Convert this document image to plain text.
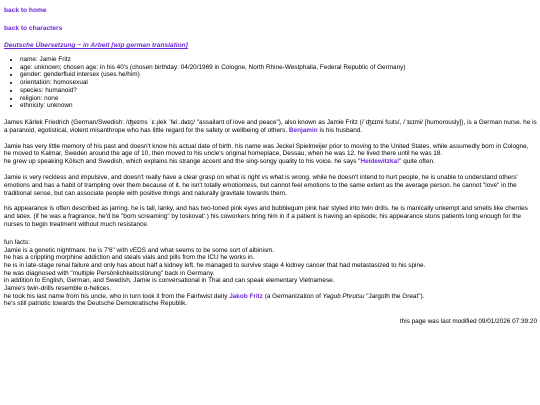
back to home
back to characters
Deutsche Übersetzung ~ in Arbeit [wip german translation]
• name: Jamie Fritz
• age: unknown; chosen age: in his 40's (chosen birthday: 04/20/1969 in Cologne, North Rhine-Westphalia, Federal Republic of Germany)
• gender: genderfluid intersex (uses he/him)
• orientation: homosexual
• species: humanoid?
• religion: none
• ethnicity: unknown

James Kärlek Friedrich (German/Swedish: /ʤeɪms ˈɛːɹ̥lek ˈfʁiː.dʁɪç/ "assailant of love and peace"), also known as Jamie Fritz (/ˈʤɛɪmi fʊɹts/, /ˈɪɛɪmi/ [humorously]), is a German nurse. he is a paranoid, egotistical, violent misanthrope who has little regard for the safety or wellbeing of others. Benjamin is his husband.

Jamie has very little memory of his past and doesn't know his actual date of birth. his name was Jeckel Spielmeijer prior to moving to the United States. while assumedly born in Cologne, he moved to Kalmar, Sweden around the age of 10, then moved to his uncle's original homeplace, Dessau, when he was 12. he lived there until he was 18.
he grew up speaking Kölsch and Swedish, which explains his strange accent and the sing-songy quality to his voice. he says "Heidewitzka!" quite often.

Jamie is very reckless and impulsive, and doesn't really have a clear grasp on what is right vs what is wrong. while he doesn't intend to hurt people, he is unable to understand others' emotions and has a habit of trampling over them because of it. he isn't totally emotionless, but cannot feel emotions to the same extent as the average person. he cannot "love" in the traditional sense, but can associate people with positive things and naturally gravitate towards them.

his appearance is often described as jarring. he is tall, lanky, and has two-toned pink eyes and bubblegum pink hair styled into twin drills. he is manically unkempt and smells like cherries and latex. (if he was a fragrance, he'd be "born screaming" by toskovat'.) his coworkers bring him in if a patient is having an episode; his appearance stuns patients long enough for the nurses to begin treatment without much resistance.

fun facts:
Jamie is a genetic nightmare. he is 7'6" with vEDS and what seems to be some sort of albinism.
he has a crippling morphine addiction and steals vials and pills from the ICU he works in.
he is in late-stage renal failure and only has about half a kidney left. he managed to survive stage 4 kidney cancer that had metastasized to his spine.
he was diagnosed with "multiple Persönlichkeitsstörung" back in Germany.
in addition to English, German, and Swedish, Jamie is conversational in Thai and can speak elementary Vietnamese.
Jamie's twin-drills resemble α-helices.
he took his last name from his uncle, who in turn took it from the Fairhwist deity Jakob Fritz (a Germanization of Yagub Phrutsu "Jargoth the Great").
he's still patriotic towards the Deutsche Demokratische Republik.
this page was last modified 09/01/2026 07:39:20
